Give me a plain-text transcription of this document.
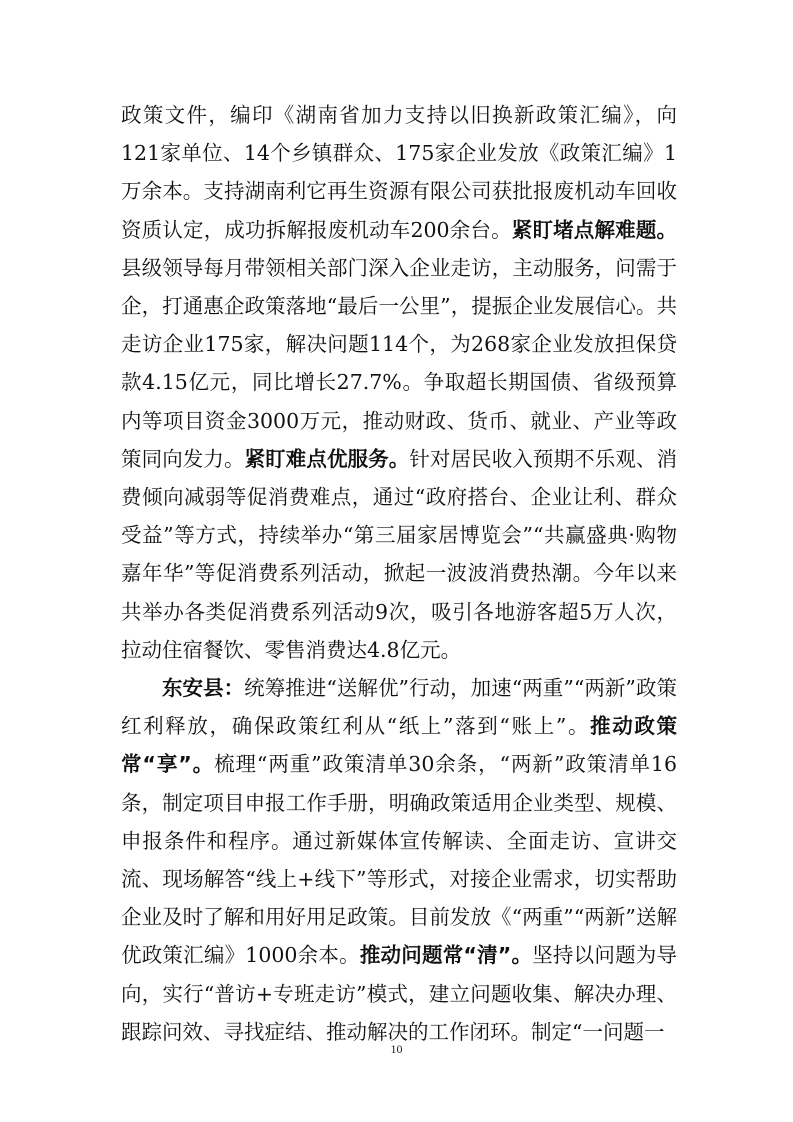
政策文件，编印《湖南省加力支持以旧换新政策汇编》，向121家单位、14个乡镇群众、175家企业发放《政策汇编》1万余本。支持湖南利它再生资源有限公司获批报废机动车回收资质认定，成功拆解报废机动车200余台。紧盯堵点解难题。县级领导每月带领相关部门深入企业走访，主动服务，问需于企，打通惠企政策落地“最后一公里”，提振企业发展信心。共走访企业175家，解决问题114个，为268家企业发放担保贷款4.15亿元，同比增长27.7%。争取超长期国债、省级预算内等项目资金3000万元，推动财政、货币、就业、产业等政策同向发力。紧盯难点优服务。针对居民收入预期不乐观、消费倾向减弱等促消费难点，通过“政府搭台、企业让利、群众受益”等方式，持续举办“第三届家居博览会”“共赢盛典·购物嘉年华”等促消费系列活动，掀起一波波消费热潮。今年以来共举办各类促消费系列活动9次，吸引各地游客超5万人次，拉动住宿餐饮、零售消费达4.8亿元。

东安县：统筹推进“送解优”行动，加速“两重”“两新”政策红利释放，确保政策红利从“纸上”落到“账上”。推动政策常“享”。梳理“两重”政策清单30余条，“两新”政策清单16条，制定项目申报工作手册，明确政策适用企业类型、规模、申报条件和程序。通过新媒体宣传解读、全面走访、宣讲交流、现场解答“线上+线下”等形式，对接企业需求，切实帮助企业及时了解和用好用足政策。目前发放《“两重”“两新”送解优政策汇编》1000余本。推动问题常“清”。坚持以问题为导向，实行“普访+专班走访”模式，建立问题收集、解决办理、跟踪问效、寻找症结、推动解决的工作闭环。制定“一问题一

10
